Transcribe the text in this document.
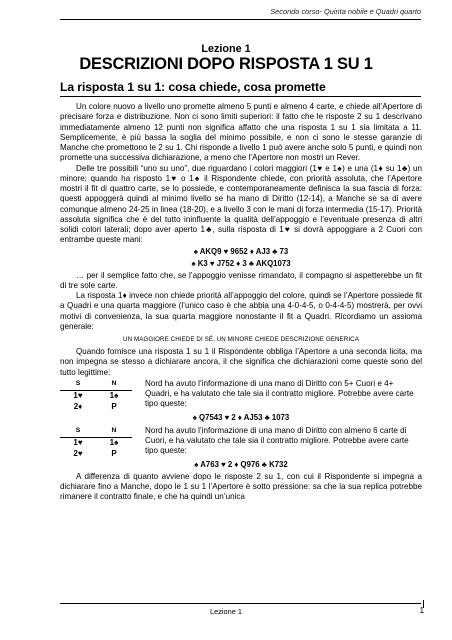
Secondo corso- Quinta nobile e Quadri quarto
Lezione 1
DESCRIZIONI DOPO RISPOSTA 1 SU 1
La risposta 1 su 1: cosa chiede, cosa promette

Un colore nuovo a livello uno promette almeno 5 punti e almeno 4 carte, e chiede all’Apertore di precisare forza e distribuzione. Non ci sono limiti superiori: il fatto che le risposte 2 su 1 descrivano immediatamente almeno 12 punti non significa affatto che una risposta 1 su 1 sia limitata a 11. Semplicemente, è più bassa la soglia del minimo possibile, e non ci sono le stesse garanzie di Manche che promettono le 2 su 1. Chi risponde a livello 1 può avere anche solo 5 punti, e quindi non promette una successiva dichiarazione, a meno che l’Apertore non mostri un Rever.

Delle tre possibili “uno su uno”, due riguardano i colori maggiori (1♥ e 1♠) e una (1♦ su 1♣) un minore; quando ha risposto 1♥ o 1♠ il Rispondente chiede, con priorità assoluta, che l’Apertore mostri il fit di quattro carte, se lo possiede, e contemporaneamente definisca la sua fascia di forza: questi appoggerà quindi al minimo livello se ha mano di Diritto (12-14), a Manche se sa di avere comunque almeno 24-25 in linea (18-20), e a livello 3 con le mani di forza intermedia (15-17). Priorità assoluta significa che è del tutto ininfluente la qualità dell’appoggio e l’eventuale presenza di altri solidi colori laterali; dopo aver aperto 1♣, sulla risposta di 1♥ si dovrà appoggiare a 2 Cuori con entrambe queste mani:

♠ AKQ9 ♥ 9652 ♦ AJ3 ♣ 73
♠ K3 ♥ J752 ♦ 3 ♣ AKQ1073

… per il semplice fatto che, se l’appoggio venisse rimandato, il compagno si aspetterebbe un fit di tre sole carte.

La risposta 1♦ invece non chiede priorità all’appoggio del colore, quindi se l’Apertore possiede fit a Quadri e una quarta maggiore (l’unico caso è che abbia una 4-0-4-5, o 0-4-4-5) mostrerà, per ovvi motivi di convenienza, la sua quarta maggiore nonostante il fit a Quadri. Ricordiamo un assioma generale:

UN MAGGIORE CHIEDE DI SÉ, UN MINORE CHIEDE DESCRIZIONE GENERICA

Quando fornisce una risposta 1 su 1 il Rispondente obbliga l’Apertore a una seconda licita, ma non impegna se stesso a dichiarare ancora, il che significa che dichiarazioni come queste sono del tutto legittime:

S	N
1♥	1♠
2♦	P
Nord ha avuto l’informazione di una mano di Diritto con 5+ Cuori e 4+ Quadri, e ha valutato che tale sia il contratto migliore. Potrebbe avere carte tipo queste:
♠ Q7543 ♥ 2 ♦ AJ53 ♣ 1073
S	N
1♥	1♠
2♥	P
Nord ha avuto l’informazione di una mano di Diritto con almeno 6 carte di Cuori, e ha valutato che tale sia il contratto migliore. Potrebbe avere carte tipo queste:
♠ A763 ♥ 2 ♦ Q976 ♣ K732

A differenza di quanto avviene dopo le risposte 2 su 1, con cui il Rispondente si impegna a dichiarare fino a Manche, dopo le 1 su 1 l’Apertore è sotto pressione: sa che la sua replica potrebbe rimanere il contratto finale, e che ha quindi un’unica

Lezione 1	1
